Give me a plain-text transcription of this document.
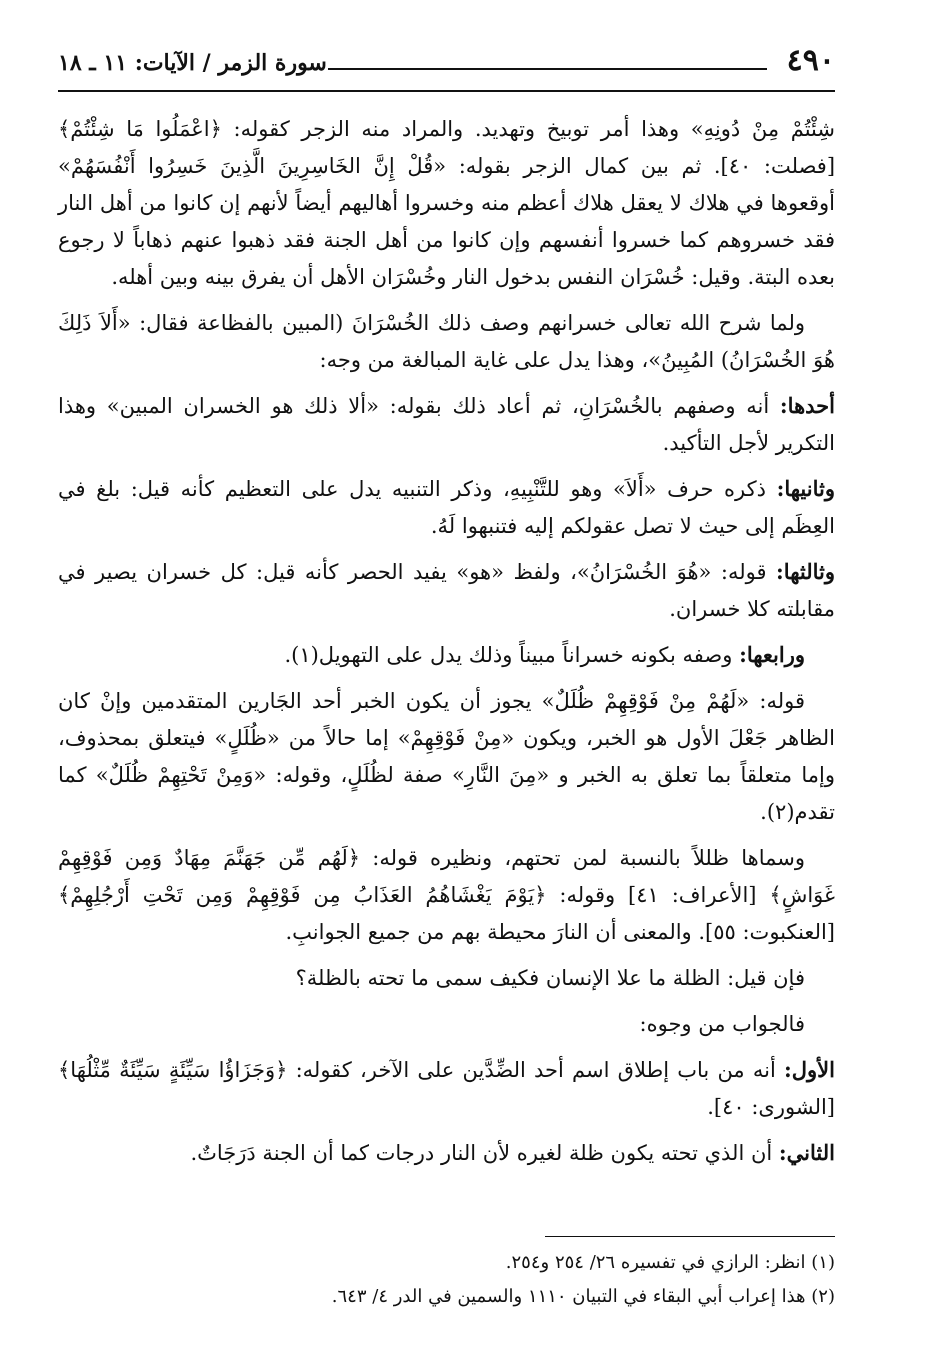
٤٩٠
سورة الزمر / الآيات: ١١ ـ ١٨

شِئْتُمْ مِنْ دُونِهِ» وهذا أمر توبيخ وتهديد. والمراد منه الزجر كقوله: ﴿اعْمَلُوا مَا شِئْتُمْ﴾ [فصلت: ٤٠]. ثم بين كمال الزجر بقوله: «قُلْ إِنَّ الخَاسِرِينَ الَّذِينَ خَسِرُوا أَنْفُسَهُمْ» أوقعوها في هلاك لا يعقل هلاك أعظم منه وخسروا أهاليهم أيضاً لأنهم إن كانوا من أهل النار فقد خسروهم كما خسروا أنفسهم وإن كانوا من أهل الجنة فقد ذهبوا عنهم ذهاباً لا رجوع بعده البتة. وقيل: خُسْرَان النفس بدخول النار وخُسْرَان الأهل أن يفرق بينه وبين أهله.

ولما شرح الله تعالى خسرانهم وصف ذلك الخُسْرَانَ (المبين بالفظاعة فقال: «أَلاَ ذَلِكَ هُوَ الخُسْرَانُ) المُبِينُ»، وهذا يدل على غاية المبالغة من وجه:

أحدها: أنه وصفهم بالخُسْرَانِ، ثم أعاد ذلك بقوله: «ألا ذلك هو الخسران المبين» وهذا التكرير لأجل التأكيد.

وثانيها: ذكره حرف «أَلاَ» وهو للتَّنْبِيهِ، وذكر التنبيه يدل على التعظيم كأنه قيل: بلغ في العِظَم إلى حيث لا تصل عقولكم إليه فتنبهوا لَهُ.

وثالثها: قوله: «هُوَ الخُسْرَانُ»، ولفظ «هو» يفيد الحصر كأنه قيل: كل خسران يصير في مقابلته كلا خسران.

ورابعها: وصفه بكونه خسراناً مبيناً وذلك يدل على التهويل(١).

قوله: «لَهُمْ مِنْ فَوْقِهِمْ ظُلَلٌ» يجوز أن يكون الخبر أحد الجَارين المتقدمين وإنْ كان الظاهر جَعْلَ الأول هو الخبر، ويكون «مِنْ فَوْقِهِمْ» إما حالاً من «ظُلَلٍ» فيتعلق بمحذوف، وإما متعلقاً بما تعلق به الخبر و «مِنَ النَّارِ» صفة لظُلَلٍ، وقوله: «وَمِنْ تَحْتِهِمْ ظُلَلٌ» كما تقدم(٢).

وسماها ظللاً بالنسبة لمن تحتهم، ونظيره قوله: ﴿لَهُم مِّن جَهَنَّمَ مِهَادٌ وَمِن فَوْقِهِمْ غَوَاشٍ﴾ [الأعراف: ٤١] وقوله: ﴿يَوْمَ يَغْشَاهُمُ العَذَابُ مِن فَوْقِهِمْ وَمِن تَحْتِ أَرْجُلِهِمْ﴾ [العنكبوت: ٥٥]. والمعنى أن النارَ محيطة بهم من جميع الجوانبِ.

فإن قيل: الظلة ما علا الإنسان فكيف سمى ما تحته بالظلة؟

فالجواب من وجوه:

الأول: أنه من باب إطلاق اسم أحد الضِّدَّين على الآخر، كقوله: ﴿وَجَزَاؤُا سَيِّئَةٍ سَيِّئَةٌ مِّثْلُهَا﴾ [الشورى: ٤٠].

الثاني: أن الذي تحته يكون ظلة لغيره لأن النار درجات كما أن الجنة دَرَجَاتٌ.

(١) انظر: الرازي في تفسيره ٢٦/ ٢٥٤ و٢٥٤.
(٢) هذا إعراب أبي البقاء في التبيان ١١١٠ والسمين في الدر ٤/ ٦٤٣.
